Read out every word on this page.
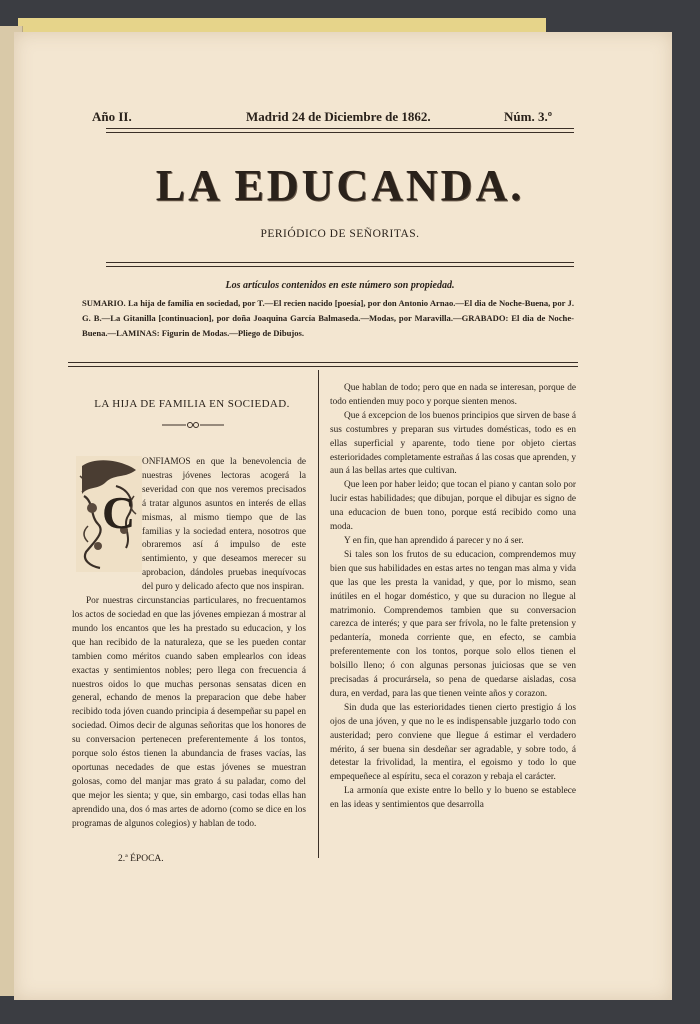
Año II.	Madrid 24 de Diciembre de 1862.	Núm. 3.º
LA EDUCANDA.
PERIÓDICO DE SEÑORITAS.
Los artículos contenidos en este número son propiedad.
SUMARIO. La hija de familia en sociedad, por T.—El recien nacido [poesía], por don Antonio Arnao.—El dia de Noche-Buena, por J. G. B.—La Gitanilla [continuacion], por doña Joaquina García Balmaseda.—Modas, por Maravilla.—GRABADO: El dia de Noche-Buena.—LAMINAS: Figurin de Modas.—Pliego de Dibujos.
LA HIJA DE FAMILIA EN SOCIEDAD.
C

ONFIAMOS en que la benevolencia de nuestras jóvenes lectoras acogerá la severidad con que nos veremos precisados á tratar algunos asuntos en interés de ellas mismas, al mismo tiempo que de las familias y la sociedad entera, nosotros que obraremos así á impulso de este sentimiento, y que deseamos merecer su aprobacion, dándoles pruebas inequívocas del puro y delicado afecto que nos inspiran.

Por nuestras circunstancias particulares, no frecuentamos los actos de sociedad en que las jóvenes empiezan á mostrar al mundo los encantos que les ha prestado su educacion, y los que han recibido de la naturaleza, que se les pueden contar tambien como méritos cuando saben emplearlos con ideas exactas y sentimientos nobles; pero llega con frecuencia á nuestros oidos lo que muchas personas sensatas dicen en general, echando de menos la preparacion que debe haber recibido toda jóven cuando principia á desempeñar su papel en sociedad. Oimos decir de algunas señoritas que los honores de su conversacion pertenecen preferentemente á los tontos, porque solo éstos tienen la abundancia de frases vacías, las oportunas necedades de que estas jóvenes se muestran golosas, como del manjar mas grato á su paladar, como del que mejor les sienta; y que, sin embargo, casi todas ellas han aprendido una, dos ó mas artes de adorno (como se dice en los programas de algunos colegios) y hablan de todo.

2.ª ÉPOCA.

Que hablan de todo; pero que en nada se interesan, porque de todo entienden muy poco y porque sienten menos.

Que á excepcion de los buenos principios que sirven de base á sus costumbres y preparan sus virtudes domésticas, todo es en ellas superficial y aparente, todo tiene por objeto ciertas esterioridades completamente estrañas á las cosas que aprenden, y aun á las bellas artes que cultivan.

Que leen por haber leido; que tocan el piano y cantan solo por lucir estas habilidades; que dibujan, porque el dibujar es signo de una educacion de buen tono, porque está recibido como una moda.

Y en fin, que han aprendido á parecer y no á ser.

Si tales son los frutos de su educacion, comprendemos muy bien que sus habilidades en estas artes no tengan mas alma y vida que las que les presta la vanidad, y que, por lo mismo, sean inútiles en el hogar doméstico, y que su duracion no llegue al matrimonio. Comprendemos tambien que su conversacion carezca de interés; y que para ser frívola, no le falte pretension y pedantería, moneda corriente que, en efecto, se cambia preferentemente con los tontos, porque solo ellos tienen el bolsillo lleno; ó con algunas personas juiciosas que se ven precisadas á procurársela, so pena de quedarse aisladas, cosa dura, en verdad, para las que tienen veinte años y corazon.

Sin duda que las esterioridades tienen cierto prestigio á los ojos de una jóven, y que no le es indispensable juzgarlo todo con austeridad; pero conviene que llegue á estimar el verdadero mérito, á ser buena sin desdeñar ser agradable, y sobre todo, á detestar la frivolidad, la mentira, el egoismo y todo lo que empequeñece al espíritu, seca el corazon y rebaja el carácter.

La armonía que existe entre lo bello y lo bueno se establece en las ideas y sentimientos que desarrolla
